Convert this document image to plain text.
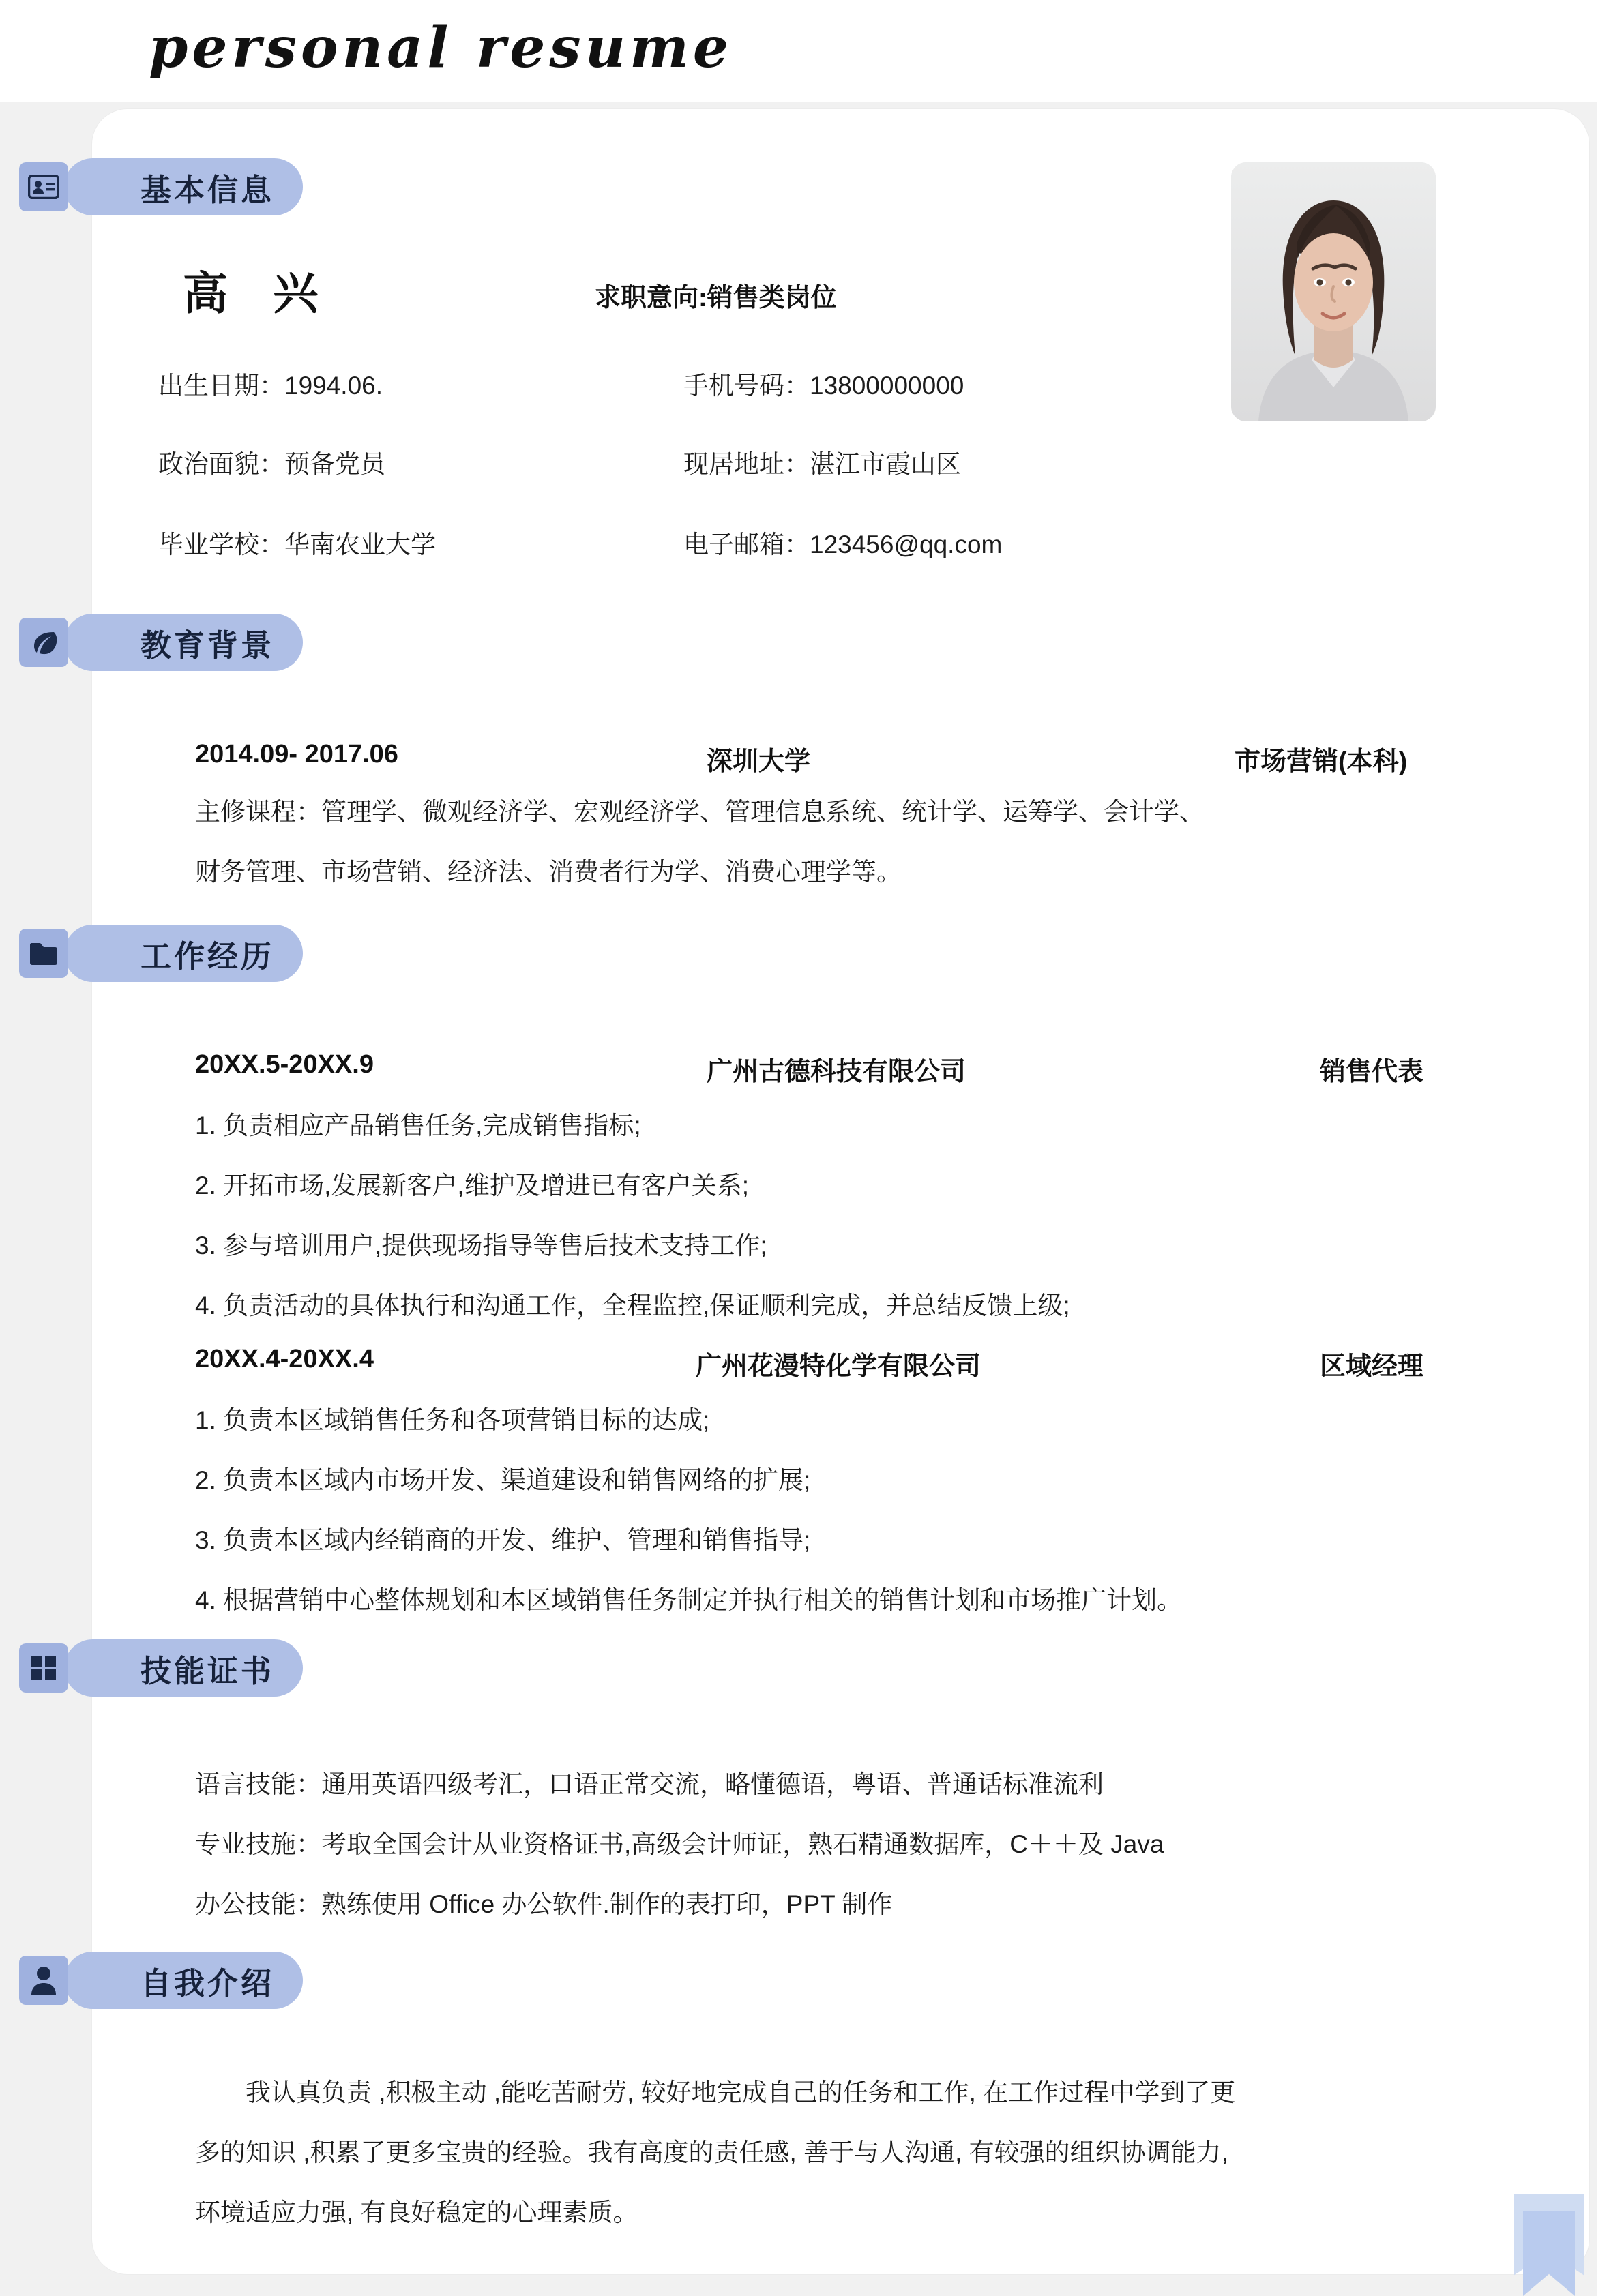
personal resume
基本信息
高 兴	求职意向:销售类岗位
出生日期：1994.06.	手机号码：13800000000
政治面貌：预备党员	现居地址：湛江市霞山区
毕业学校：华南农业大学	电子邮箱：123456@qq.com
教育背景
2014.09- 2017.06	深圳大学	市场营销(本科)
主修课程：管理学、微观经济学、宏观经济学、管理信息系统、统计学、运筹学、会计学、
财务管理、市场营销、经济法、消费者行为学、消费心理学等。
工作经历
20XX.5-20XX.9	广州古德科技有限公司	销售代表
1. 负责相应产品销售任务,完成销售指标;
2. 开拓市场,发展新客户,维护及增进已有客户关系;
3. 参与培训用户,提供现场指导等售后技术支持工作;
4. 负责活动的具体执行和沟通工作，全程监控,保证顺利完成，并总结反馈上级;
20XX.4-20XX.4	广州花漫特化学有限公司	区域经理
1. 负责本区域销售任务和各项营销目标的达成;
2. 负责本区域内市场开发、渠道建设和销售网络的扩展;
3. 负责本区域内经销商的开发、维护、管理和销售指导;
4. 根据营销中心整体规划和本区域销售任务制定并执行相关的销售计划和市场推广计划。
技能证书
语言技能：通用英语四级考汇，口语正常交流，略懂德语，粤语、普通话标准流利
专业技施：考取全国会计从业资格证书,高级会计师证，熟石精通数据库，C＋＋及 Java
办公技能：熟练使用 Office 办公软件.制作的表打印，PPT 制作
自我介绍
　　我认真负责 ,积极主动 ,能吃苦耐劳, 较好地完成自己的任务和工作, 在工作过程中学到了更
多的知识 ,积累了更多宝贵的经验。我有高度的责任感, 善于与人沟通, 有较强的组织协调能力,
环境适应力强, 有良好稳定的心理素质。
